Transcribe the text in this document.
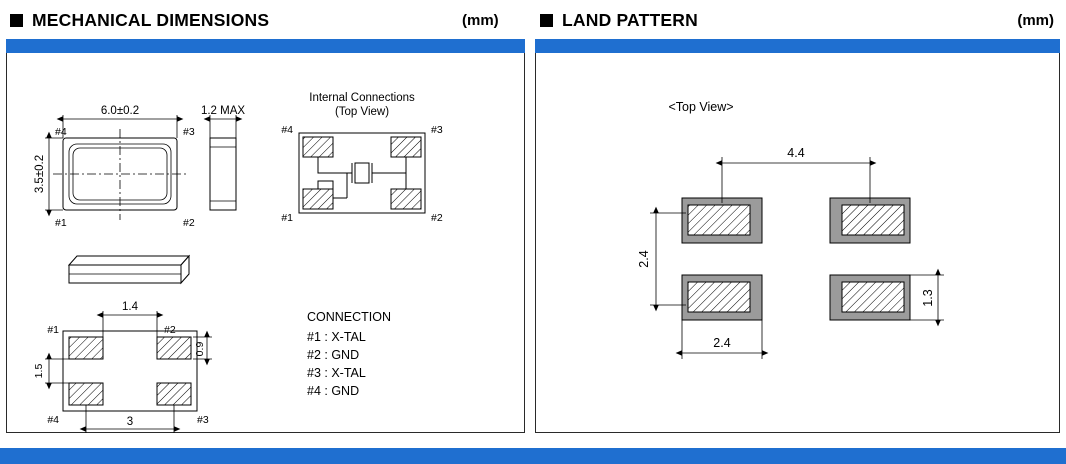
MECHANICAL DIMENSIONS	(mm)	LAND PATTERN	(mm)
6.0±0.2
3.5±0.2
#4	#3
#1	#2
1.2 MAX
Internal Connections
(Top View)
#4	#3
#1	#2
1.4
0.9
1.5
3
#1	#2
#4	#3
CONNECTION
#1 : X-TAL
#2 : GND
#3 : X-TAL
#4 : GND
<Top View>
4.4
2.4
1.3
2.4
